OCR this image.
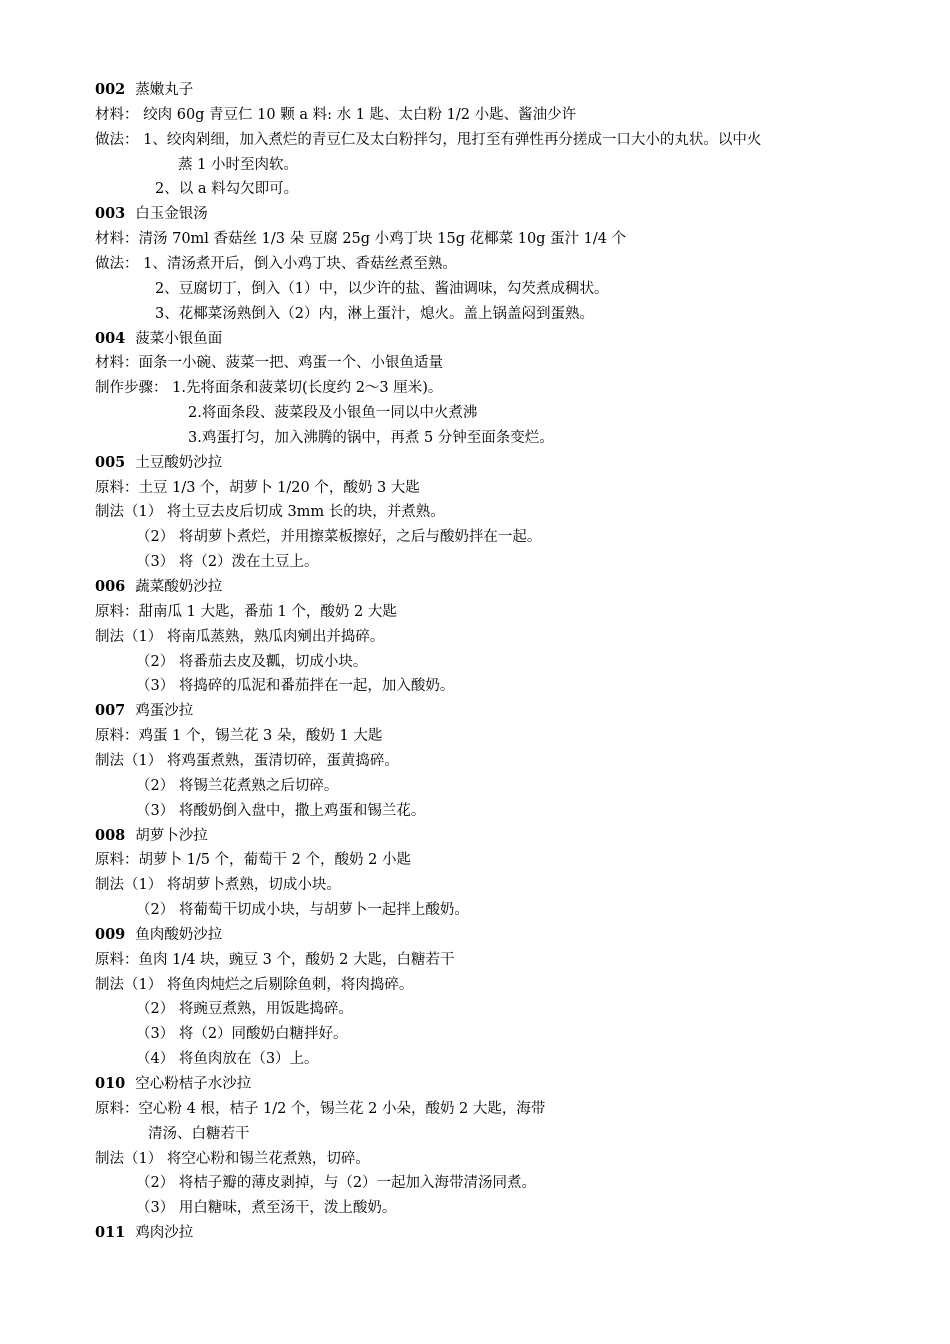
002 蒸嫩丸子
材料： 绞肉 60g 青豆仁 10 颗 a 料: 水 1 匙、太白粉 1/2 小匙、酱油少许
做法： 1、绞肉剁细，加入煮烂的青豆仁及太白粉拌匀，甩打至有弹性再分搓成一口大小的丸状。以中火
蒸 1 小时至肉软。
2、以 a 料勾欠即可。
003 白玉金银汤
材料：清汤 70ml 香菇丝 1/3 朵 豆腐 25g 小鸡丁块 15g 花椰菜 10g 蛋汁 1/4 个
做法： 1、清汤煮开后，倒入小鸡丁块、香菇丝煮至熟。
2、豆腐切丁，倒入（1）中，以少许的盐、酱油调味，勾芡煮成稠状。
3、花椰菜汤熟倒入（2）内，淋上蛋汁，熄火。盖上锅盖闷到蛋熟。
004 菠菜小银鱼面
材料：面条一小碗、菠菜一把、鸡蛋一个、小银鱼适量
制作步骤： 1.先将面条和菠菜切(长度约 2～3 厘米)。
2.将面条段、菠菜段及小银鱼一同以中火煮沸
3.鸡蛋打匀，加入沸腾的锅中，再煮 5 分钟至面条变烂。
005 土豆酸奶沙拉
原料：土豆 1/3 个，胡萝卜 1/20 个，酸奶 3 大匙
制法（1） 将土豆去皮后切成 3mm 长的块，并煮熟。
（2） 将胡萝卜煮烂，并用擦菜板擦好，之后与酸奶拌在一起。
（3） 将（2）泼在土豆上。
006 蔬菜酸奶沙拉
原料：甜南瓜 1 大匙，番茄 1 个，酸奶 2 大匙
制法（1） 将南瓜蒸熟，熟瓜肉剜出并捣碎。
（2） 将番茄去皮及瓤，切成小块。
（3） 将捣碎的瓜泥和番茄拌在一起，加入酸奶。
007 鸡蛋沙拉
原料：鸡蛋 1 个，锡兰花 3 朵，酸奶 1 大匙
制法（1） 将鸡蛋煮熟，蛋清切碎，蛋黄捣碎。
（2） 将锡兰花煮熟之后切碎。
（3） 将酸奶倒入盘中，撒上鸡蛋和锡兰花。
008 胡萝卜沙拉
原料：胡萝卜 1/5 个，葡萄干 2 个，酸奶 2 小匙
制法（1） 将胡萝卜煮熟，切成小块。
（2） 将葡萄干切成小块，与胡萝卜一起拌上酸奶。
009 鱼肉酸奶沙拉
原料：鱼肉 1/4 块，豌豆 3 个，酸奶 2 大匙，白糖若干
制法（1） 将鱼肉炖烂之后剔除鱼刺，将肉捣碎。
（2） 将豌豆煮熟，用饭匙捣碎。
（3） 将（2）同酸奶白糖拌好。
（4） 将鱼肉放在（3）上。
010 空心粉桔子水沙拉
原料：空心粉 4 根，桔子 1/2 个，锡兰花 2 小朵，酸奶 2 大匙，海带
清汤、白糖若干
制法（1） 将空心粉和锡兰花煮熟，切碎。
（2） 将桔子瓣的薄皮剥掉，与（2）一起加入海带清汤同煮。
（3） 用白糖味，煮至汤干，泼上酸奶。
011 鸡肉沙拉
